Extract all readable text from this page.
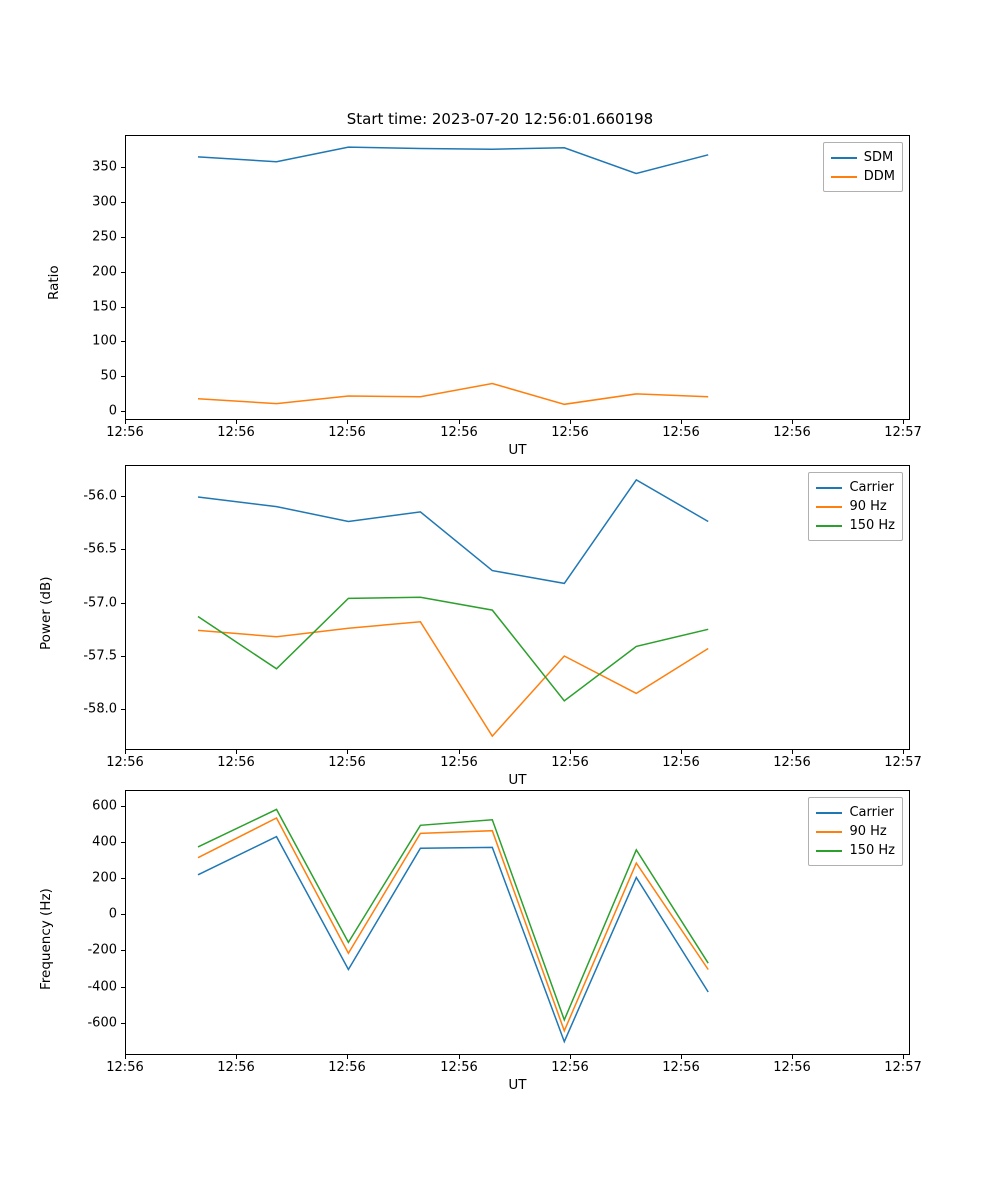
Start time: 2023-07-20 12:56:01.660198
SDM
DDM
0
50
100
150
200
250
300
350
12:56	12:56	12:56	12:56	12:56	12:56	12:56	12:57
UT
Ratio
Carrier
90 Hz
150 Hz
-56.0
-56.5
-57.0
-57.5
-58.0
12:56	12:56	12:56	12:56	12:56	12:56	12:56	12:57
UT
Power (dB)
Carrier
90 Hz
150 Hz
600
400
200
0
-200
-400
-600
12:56	12:56	12:56	12:56	12:56	12:56	12:56	12:57
UT
Frequency (Hz)
